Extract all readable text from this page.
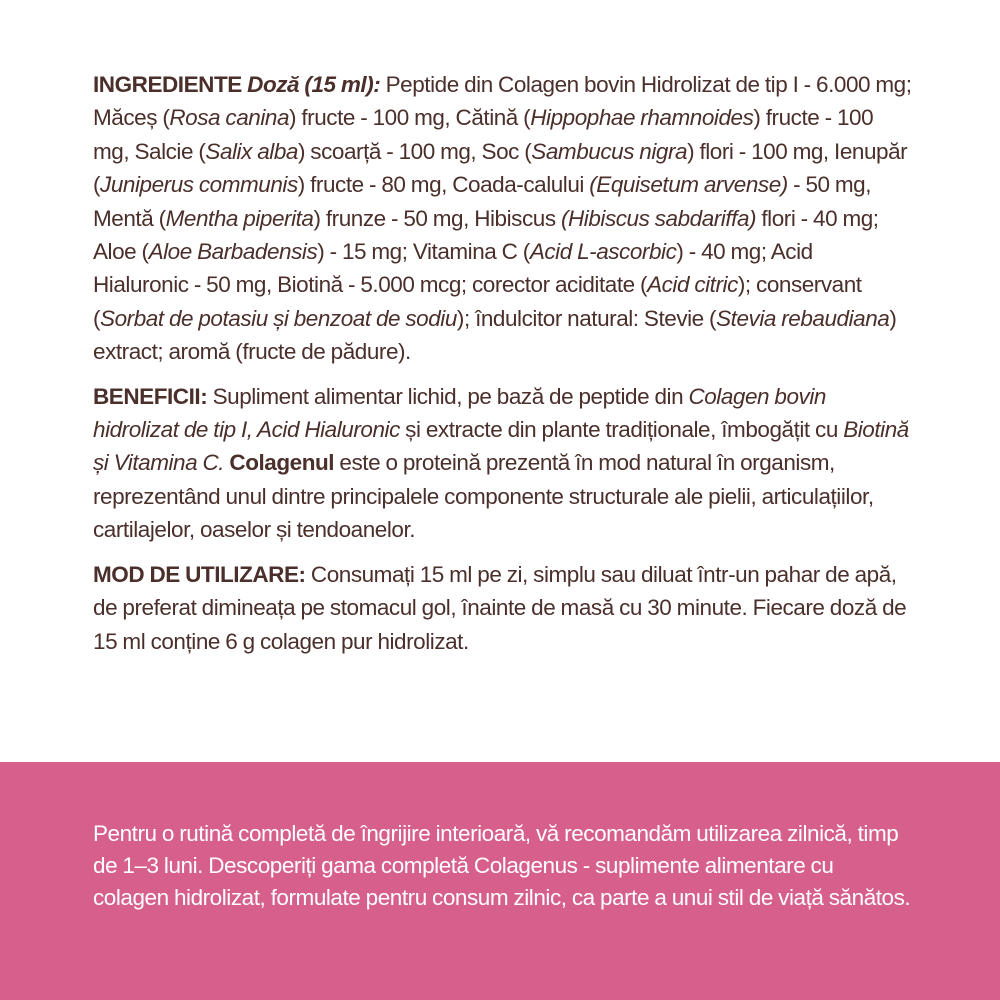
INGREDIENTE Doză (15 ml): Peptide din Colagen bovin Hidrolizat de tip I - 6.000 mg; Măceș (Rosa canina) fructe - 100 mg, Cătină (Hippophae rhamnoides) fructe - 100 mg, Salcie (Salix alba) scoarță - 100 mg, Soc (Sambucus nigra) flori - 100 mg, Ienupăr (Juniperus communis) fructe - 80 mg, Coada-calului (Equisetum arvense) - 50 mg, Mentă (Mentha piperita) frunze - 50 mg, Hibiscus (Hibiscus sabdariffa) flori - 40 mg; Aloe (Aloe Barbadensis) - 15 mg; Vitamina C (Acid L-ascorbic) - 40 mg; Acid Hialuronic - 50 mg, Biotină - 5.000 mcg; corector aciditate (Acid citric); conservant (Sorbat de potasiu și benzoat de sodiu); îndulcitor natural: Stevie (Stevia rebaudiana) extract; aromă (fructe de pădure).

BENEFICII: Supliment alimentar lichid, pe bază de peptide din Colagen bovin hidrolizat de tip I, Acid Hialuronic și extracte din plante tradiționale, îmbogățit cu Biotină și Vitamina C. Colagenul este o proteină prezentă în mod natural în organism, reprezentând unul dintre principalele componente structurale ale pielii, articulațiilor, cartilajelor, oaselor și tendoanelor.

MOD DE UTILIZARE: Consumați 15 ml pe zi, simplu sau diluat într-un pahar de apă, de preferat dimineața pe stomacul gol, înainte de masă cu 30 minute. Fiecare doză de 15 ml conține 6 g colagen pur hidrolizat.

Pentru o rutină completă de îngrijire interioară, vă recomandăm utilizarea zilnică, timp de 1–3 luni. Descoperiți gama completă Colagenus - suplimente alimentare cu colagen hidrolizat, formulate pentru consum zilnic, ca parte a unui stil de viață sănătos.
